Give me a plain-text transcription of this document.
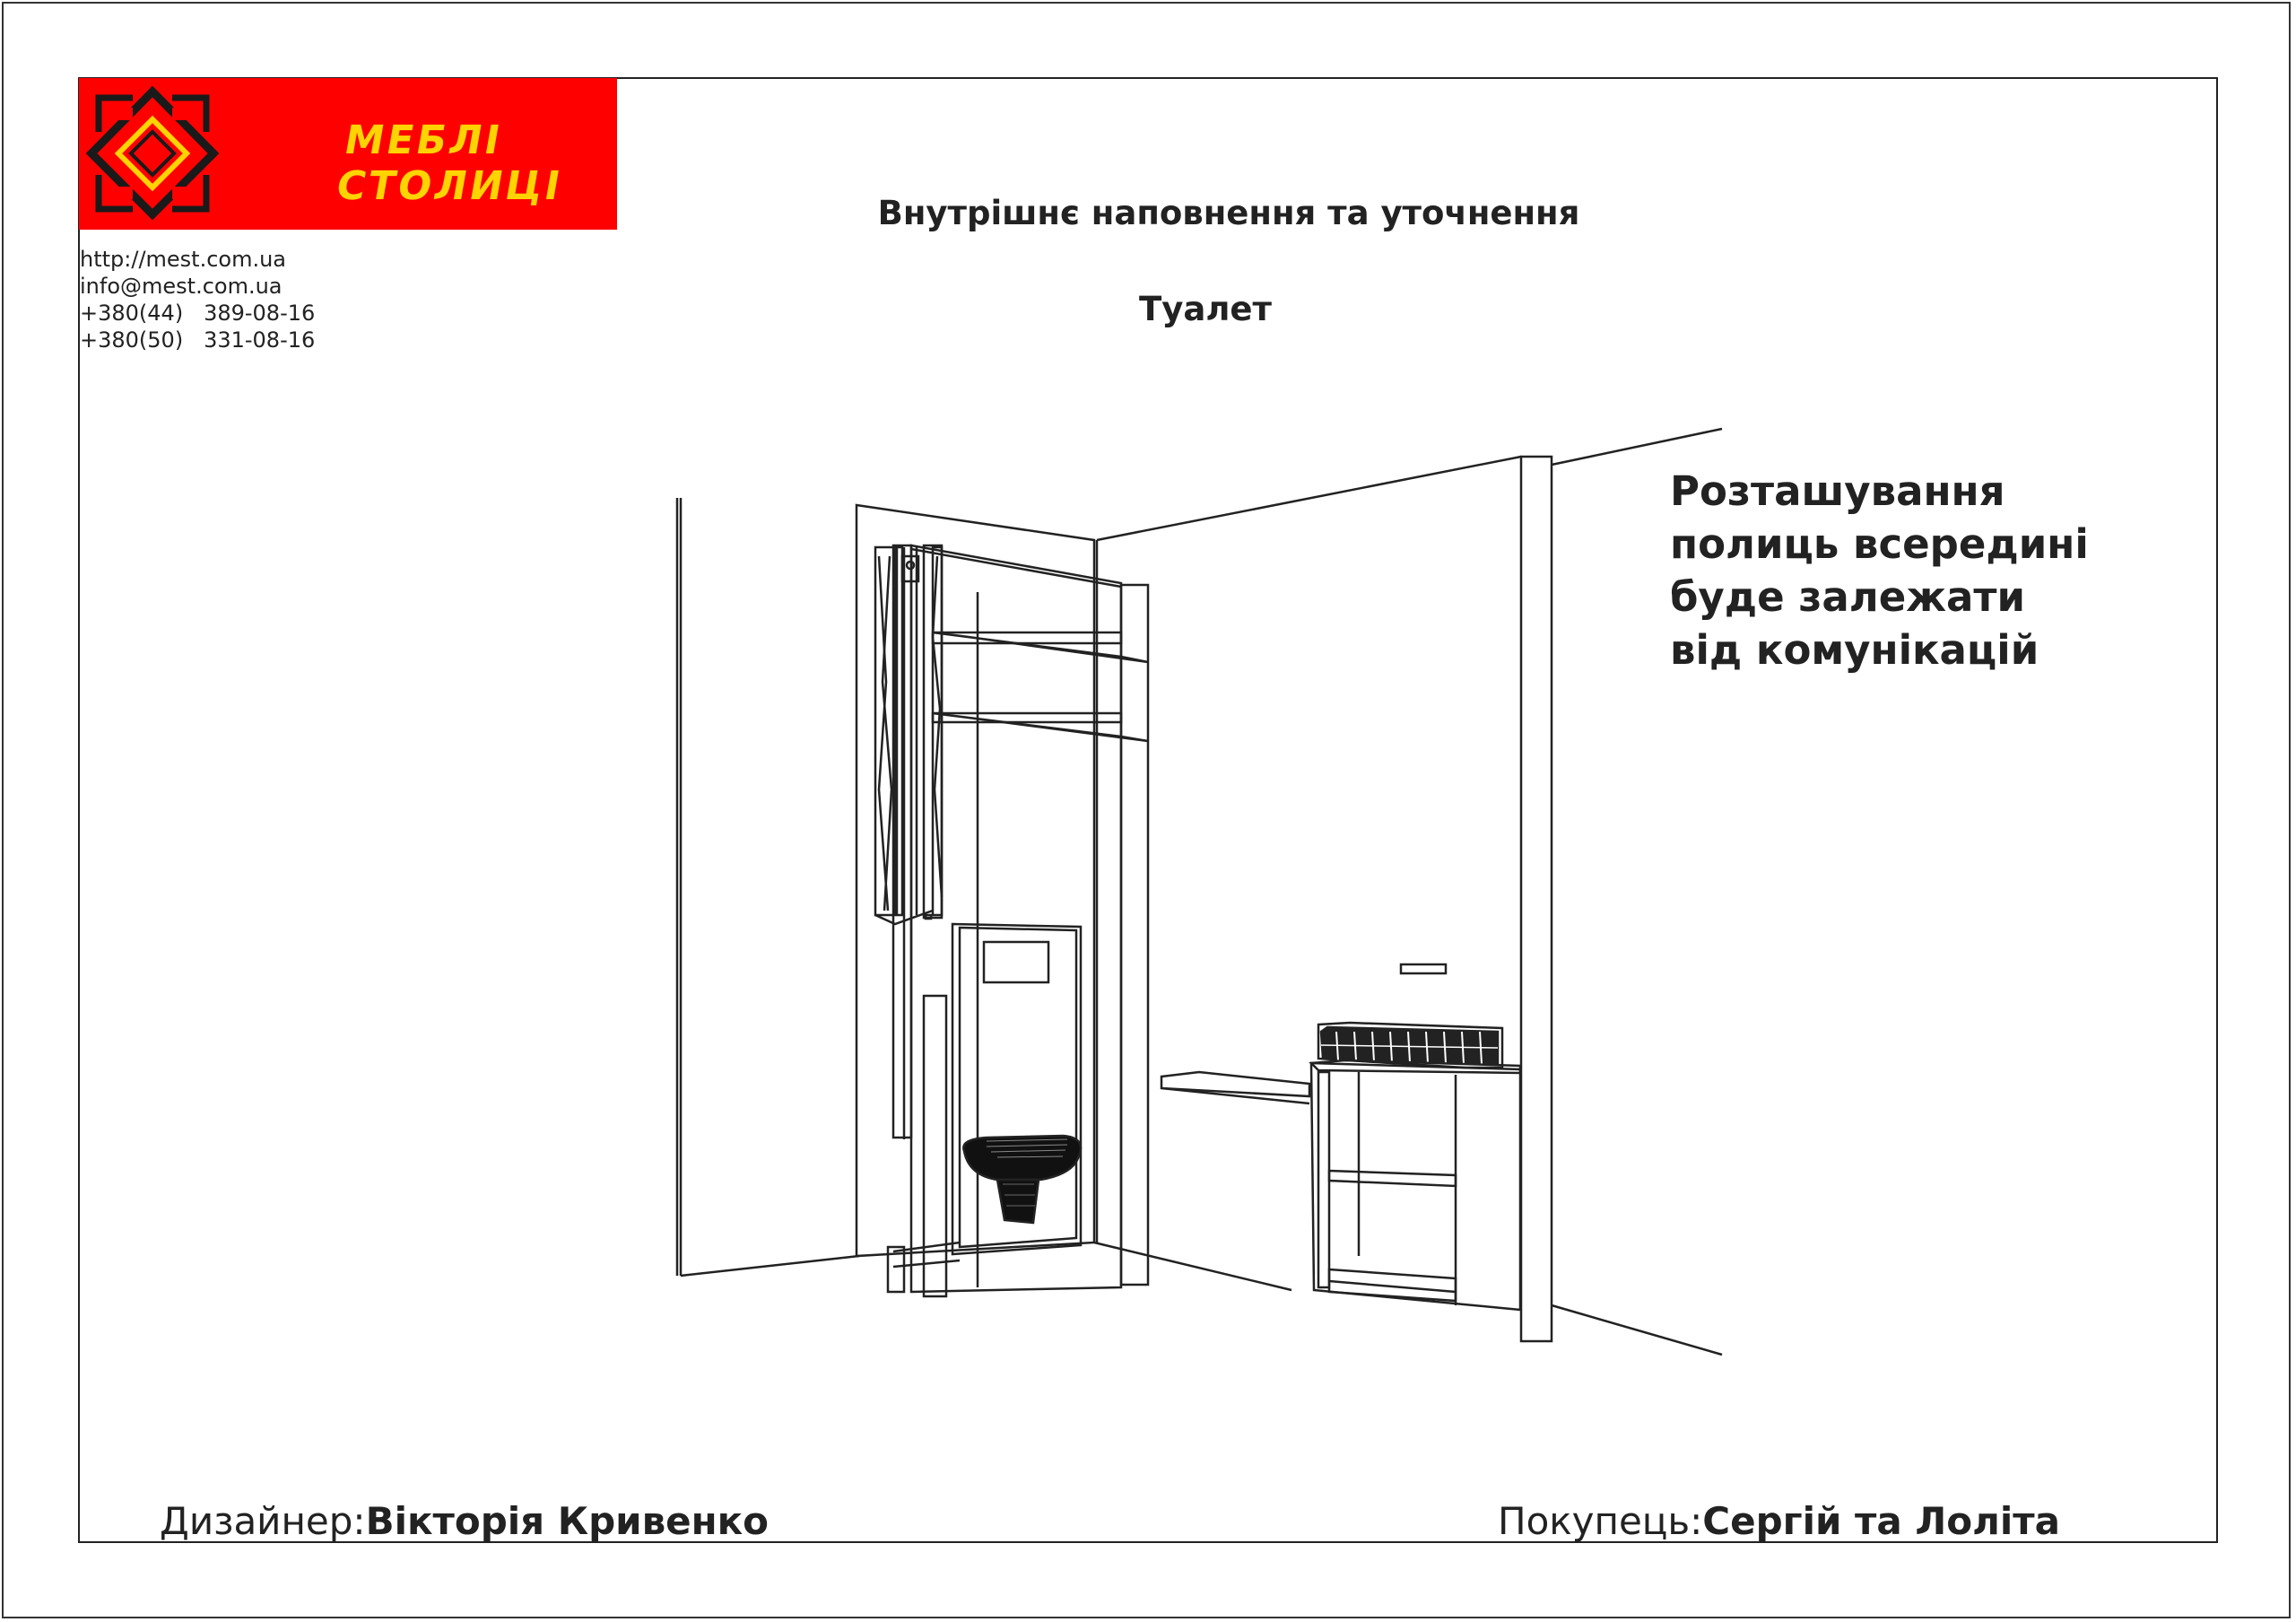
МЕБЛІ СТОЛИЦІ
http://mest.com.ua
info@mest.com.ua
+380(44)   389-08-16
+380(50)   331-08-16
Внутрішнє наповнення та уточнення
Туалет
Розташування
полиць всередині
буде залежати
від комунікацій
Дизайнер:Вікторія Кривенко	Покупець:Сергій та Лоліта
